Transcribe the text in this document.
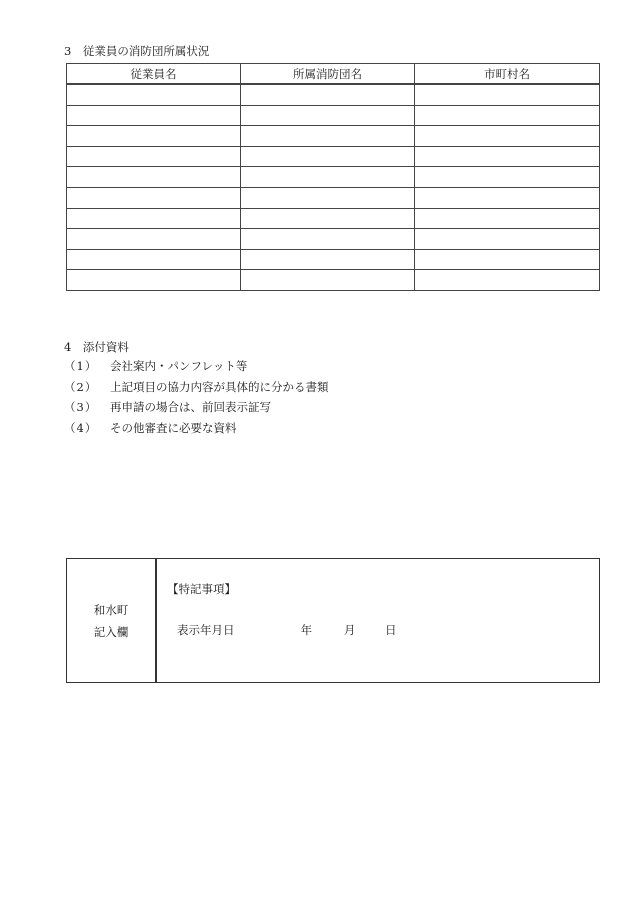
3　従業員の消防団所属状況
従業員名	所属消防団名	市町村名

4　添付資料
（1） 会社案内・パンフレット等
（2） 上記項目の協力内容が具体的に分かる書類
（3） 再申請の場合は、前回表示証写
（4） その他審査に必要な資料
和水町
記入欄
【特記事項】
表示年月日	年	月	日
